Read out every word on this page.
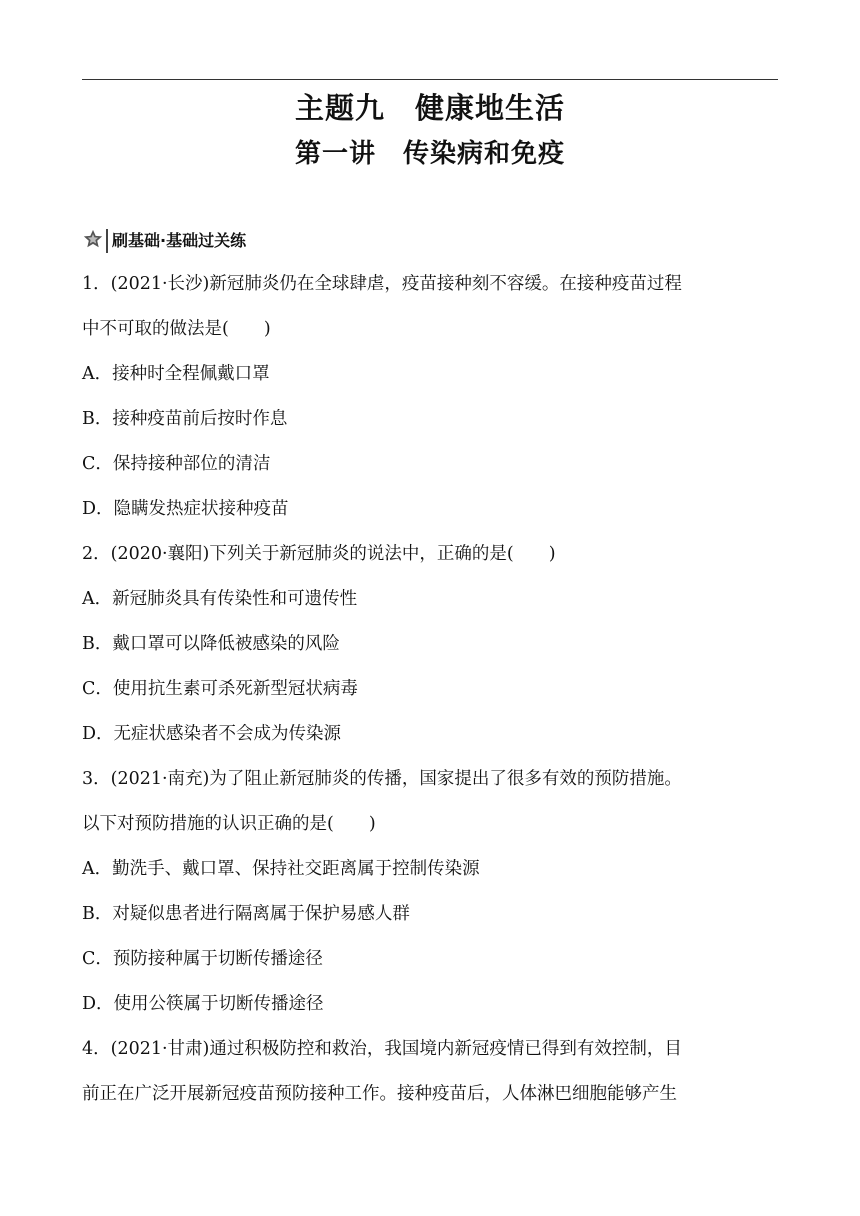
主题九　健康地生活
第一讲　传染病和免疫
刷基础·基础过关练
1．(2021·长沙)新冠肺炎仍在全球肆虐，疫苗接种刻不容缓。在接种疫苗过程
中不可取的做法是(　　)
A．接种时全程佩戴口罩
B．接种疫苗前后按时作息
C．保持接种部位的清洁
D．隐瞒发热症状接种疫苗
2．(2020·襄阳)下列关于新冠肺炎的说法中，正确的是(　　)
A．新冠肺炎具有传染性和可遗传性
B．戴口罩可以降低被感染的风险
C．使用抗生素可杀死新型冠状病毒
D．无症状感染者不会成为传染源
3．(2021·南充)为了阻止新冠肺炎的传播，国家提出了很多有效的预防措施。
以下对预防措施的认识正确的是(　　)
A．勤洗手、戴口罩、保持社交距离属于控制传染源
B．对疑似患者进行隔离属于保护易感人群
C．预防接种属于切断传播途径
D．使用公筷属于切断传播途径
4．(2021·甘肃)通过积极防控和救治，我国境内新冠疫情已得到有效控制，目
前正在广泛开展新冠疫苗预防接种工作。接种疫苗后，人体淋巴细胞能够产生
